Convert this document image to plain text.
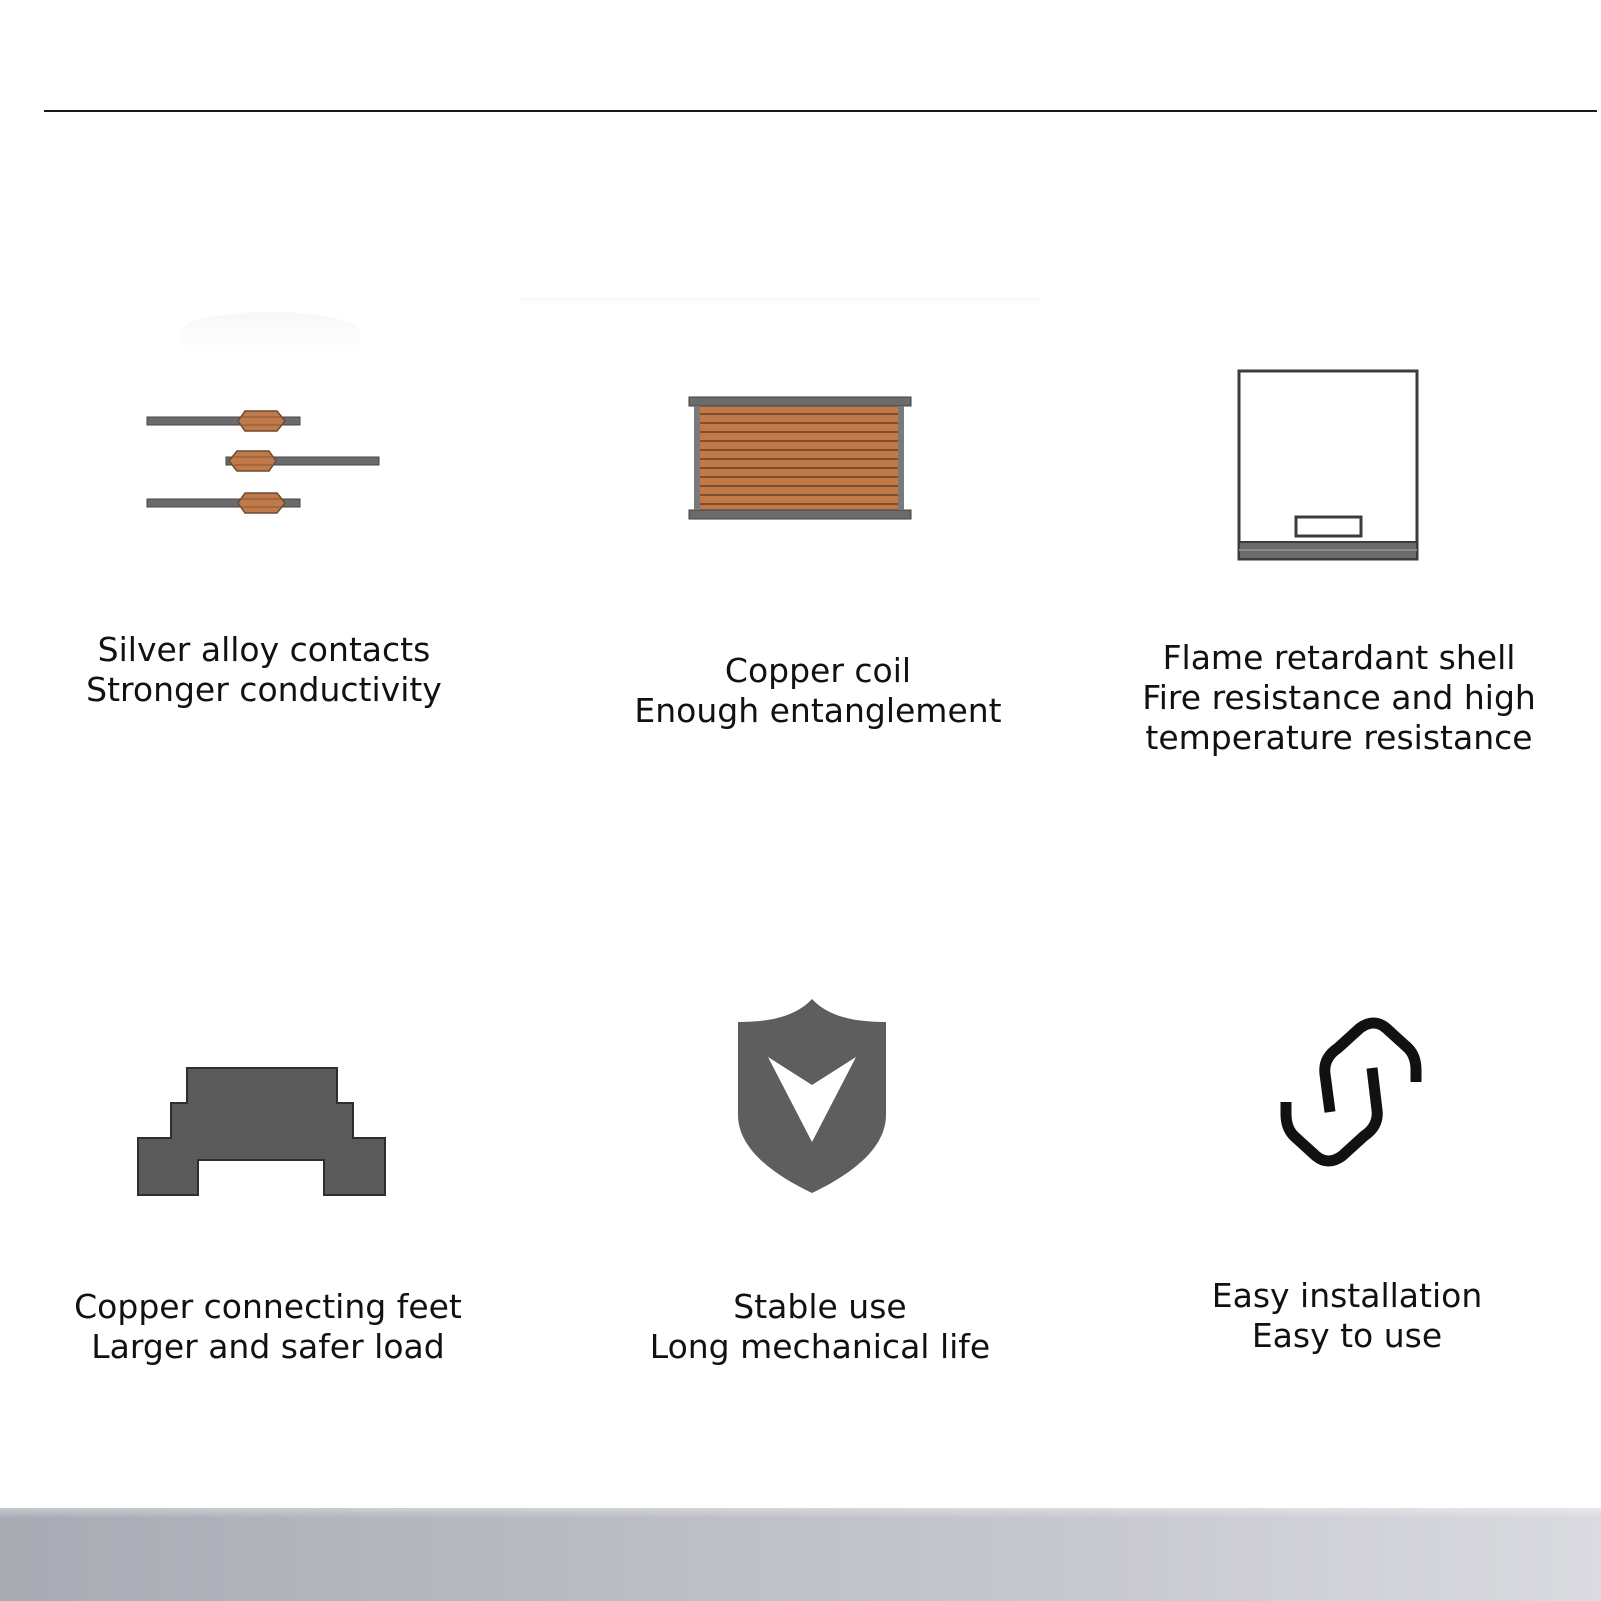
Silver alloy contacts
Stronger conductivity	Copper coil
Enough entanglement
Flame retardant shell
Fire resistance and high
temperature resistance
Copper connecting feet
Larger and safer load
Stable use
Long mechanical life
Easy installation
Easy to use
